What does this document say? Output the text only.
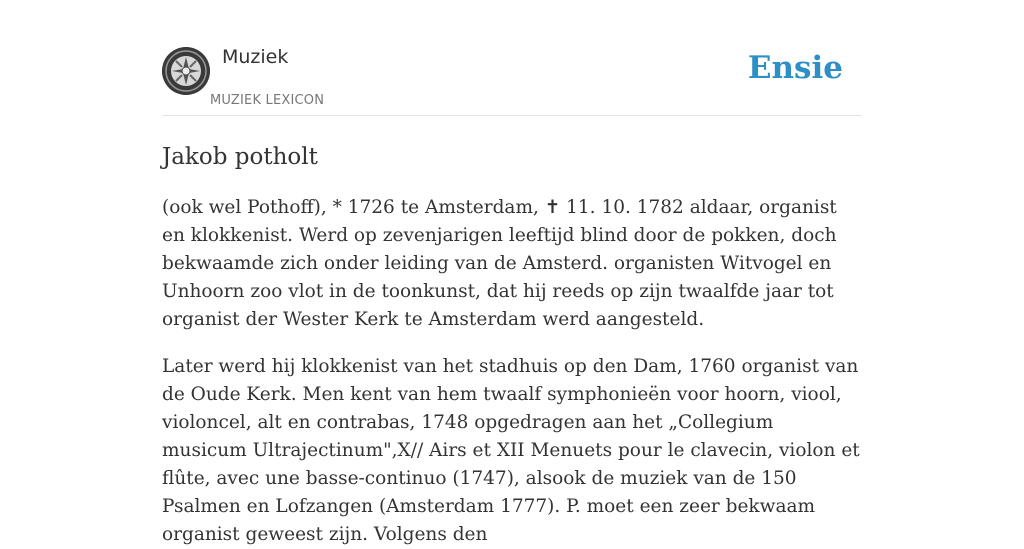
Muziek
MUZIEK LEXICON
Ensie
Jakob potholt

(ook wel Pothoff), * 1726 te Amsterdam, ✝ 11. 10. 1782 aldaar, organist en klokkenist. Werd op zevenjarigen leeftijd blind door de pokken, doch bekwaamde zich onder leiding van de Amsterd. organisten Witvogel en Unhoorn zoo vlot in de toonkunst, dat hij reeds op zijn twaalfde jaar tot organist der Wester Kerk te Amsterdam werd aangesteld.

Later werd hij klokkenist van het stadhuis op den Dam, 1760 organist van de Oude Kerk. Men kent van hem twaalf symphonieën voor hoorn, viool, violoncel, alt en contrabas, 1748 opgedragen aan het „Collegium musicum Ultrajectinum",X// Airs et XII Menuets pour le clavecin, violon et flûte, avec une basse-continuo (1747), alsook de muziek van de 150 Psalmen en Lofzangen (Amsterdam 1777). P. moet een zeer bekwaam organist geweest zijn. Volgens den
